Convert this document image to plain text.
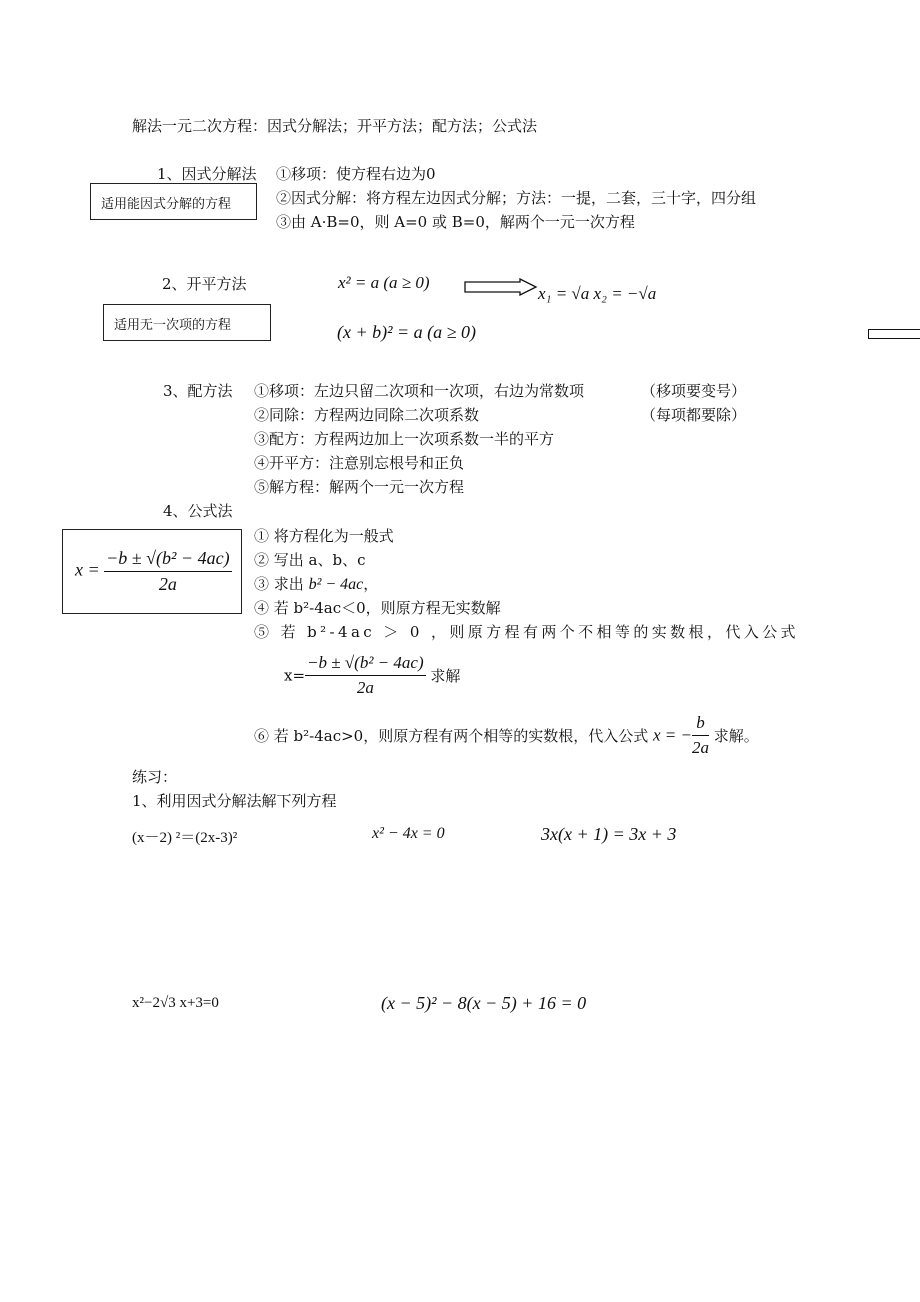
解法一元二次方程：因式分解法；开平方法；配方法；公式法
1、因式分解法
适用能因式分解的方程
①移项：使方程右边为0
②因式分解：将方程左边因式分解；方法：一提，二套，三十字，四分组
③由 A·B=0，则 A=0 或 B=0，解两个一元一次方程
2、开平方法
适用无一次项的方程
x² = a (a ≥ 0)
x₁ = √a x₂ = −√a
(x + b)² = a (a ≥ 0)
3、配方法 ①移项：左边只留二次项和一次项，右边为常数项	（移项要变号）
②同除：方程两边同除二次项系数	（每项都要除）
③配方：方程两边加上一次项系数一半的平方
④开平方：注意别忘根号和正负
⑤解方程：解两个一元一次方程
4、公式法
$x = \frac{\text{−b ± √(b² − 4ac)}}{2a}$
① 将方程化为一般式
② 写出 a、b、c
③ 求出 b² − 4ac，
④ 若 b²-4ac＜0，则原方程无实数解
⑤ 若 b²-4ac ＞ 0 ，则原方程有两个不相等的实数根，代入公式
$x= \frac{\text{−b ± √(b² − 4ac)}}{2a}$ 求解
⑥ 若 b²-4ac>0，则原方程有两个相等的实数根，代入公式 x = − $\frac{b}{2a}$ 求解。
练习：
1、利用因式分解法解下列方程
(x－2) ²＝(2x-3)²	x² − 4x = 0	3x(x + 1) = 3x + 3
x²−2√3 x+3=0	(x − 5)² − 8(x − 5) + 16 = 0
